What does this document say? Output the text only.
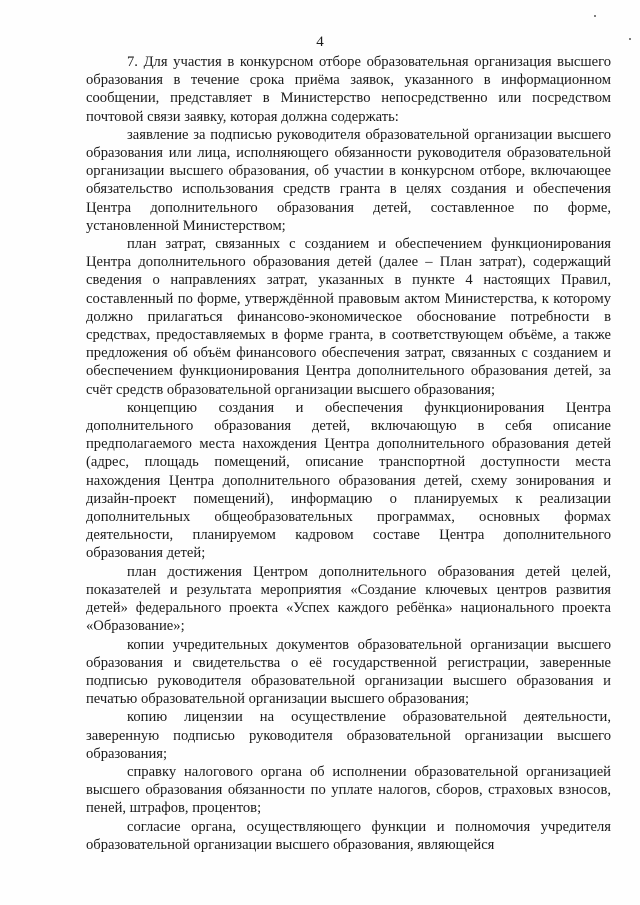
4

7. Для участия в конкурсном отборе образовательная организация высшего образования в течение срока приёма заявок, указанного в информационном сообщении, представляет в Министерство непосредственно или посредством почтовой связи заявку, которая должна содержать:

заявление за подписью руководителя образовательной организации высшего образования или лица, исполняющего обязанности руководителя образовательной организации высшего образования, об участии в конкурсном отборе, включающее обязательство использования средств гранта в целях создания и обеспечения Центра дополнительного образования детей, составленное по форме, установленной Министерством;

план затрат, связанных с созданием и обеспечением функционирования Центра дополнительного образования детей (далее – План затрат), содержащий сведения о направлениях затрат, указанных в пункте 4 настоящих Правил, составленный по форме, утверждённой правовым актом Министерства, к которому должно прилагаться финансово-экономическое обоснование потребности в средствах, предоставляемых в форме гранта, в соответствующем объёме, а также предложения об объём финансового обеспечения затрат, связанных с созданием и обеспечением функционирования Центра дополнительного образования детей, за счёт средств образовательной организации высшего образования;

концепцию создания и обеспечения функционирования Центра дополнительного образования детей, включающую в себя описание предполагаемого места нахождения Центра дополнительного образования детей (адрес, площадь помещений, описание транспортной доступности места нахождения Центра дополнительного образования детей, схему зонирования и дизайн-проект помещений), информацию о планируемых к реализации дополнительных общеобразовательных программах, основных формах деятельности, планируемом кадровом составе Центра дополнительного образования детей;

план достижения Центром дополнительного образования детей целей, показателей и результата мероприятия «Создание ключевых центров развития детей» федерального проекта «Успех каждого ребёнка» национального проекта «Образование»;

копии учредительных документов образовательной организации высшего образования и свидетельства о её государственной регистрации, заверенные подписью руководителя образовательной организации высшего образования и печатью образовательной организации высшего образования;

копию лицензии на осуществление образовательной деятельности, заверенную подписью руководителя образовательной организации высшего образования;

справку налогового органа об исполнении образовательной организацией высшего образования обязанности по уплате налогов, сборов, страховых взносов, пеней, штрафов, процентов;

согласие органа, осуществляющего функции и полномочия учредителя образовательной организации высшего образования, являющейся
